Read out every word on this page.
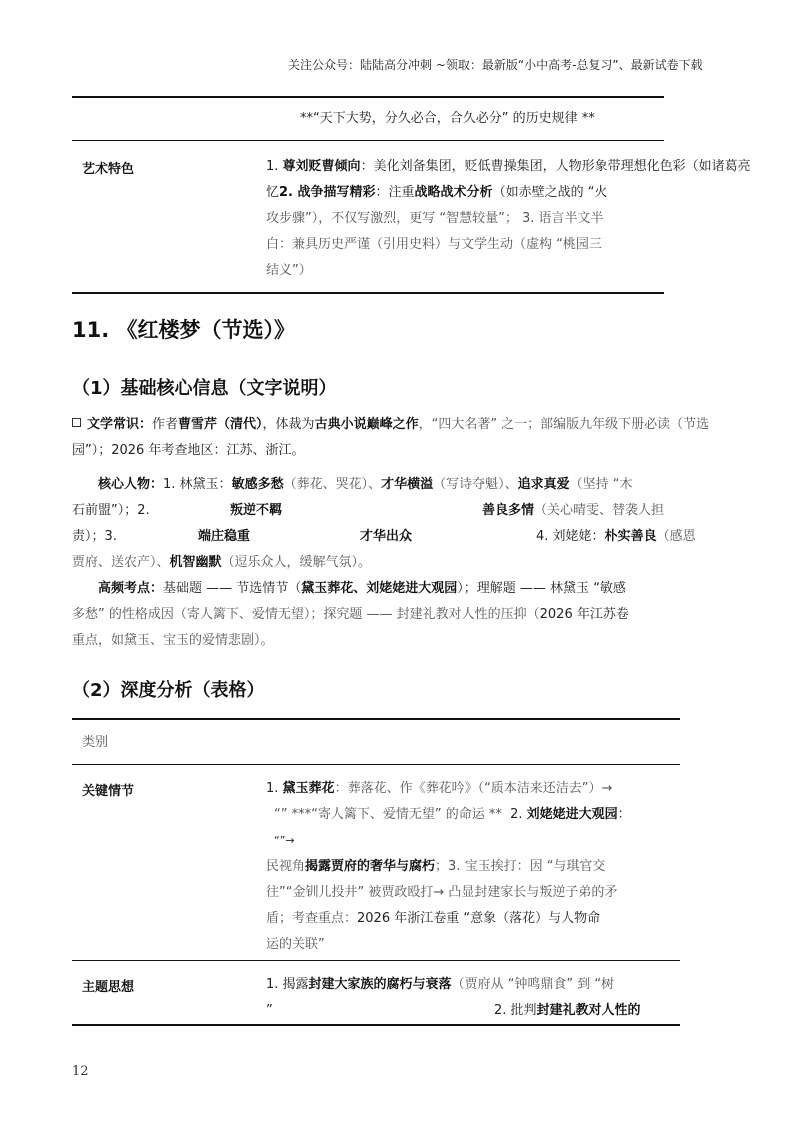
关注公众号：陆陆高分冲刺 ~领取：最新版“小中高考-总复习”、最新试卷下载
**“天下大势，分久必合，合久必分” 的历史规律 **
艺术特色	1. 尊刘贬曹倾向：美化刘备集团，贬低曹操集团，人物形象带理想化色彩（如诸葛亮
忆2. 战争描写精彩：注重战略战术分析（如赤壁之战的 “火
攻步骤”），不仅写激烈，更写 “智慧较量”； 3. 语言半文半
白：兼具历史严谨（引用史料）与文学生动（虚构 “桃园三
结义”）
11. 《红楼梦（节选）》
（1）基础核心信息（文字说明）
文学常识：作者曹雪芹（清代），体裁为古典小说巅峰之作，“四大名著” 之一；部编版九年级下册必读（节选
园”）；2026 年考查地区：江苏、浙江。
核心人物：1. 林黛玉：敏感多愁（葬花、哭花）、才华横溢（写诗夺魁）、追求真爱（坚持 “木
石前盟”）；2.	叛逆不羁	善良多情（关心晴雯、替袭人担
责）；3.	端庄稳重	才华出众	4. 刘姥姥：朴实善良（感恩
贾府、送农产）、机智幽默（逗乐众人，缓解气氛）。
高频考点：基础题 —— 节选情节（黛玉葬花、刘姥姥进大观园）；理解题 —— 林黛玉 “敏感
多愁” 的性格成因（寄人篱下、爱情无望）；探究题 —— 封建礼教对人性的压抑（2026 年江苏卷
重点，如黛玉、宝玉的爱情悲剧）。
（2）深度分析（表格）
类别
关键情节	1. 黛玉葬花：葬落花、作《葬花吟》（“质本洁来还洁去”）→
“” ***“寄人篱下、爱情无望” 的命运 ** 2. 刘姥姥进大观园：
“”→
民视角揭露贾府的奢华与腐朽；3. 宝玉挨打：因 “与琪官交
往”“金钏儿投井” 被贾政殴打→ 凸显封建家长与叛逆子弟的矛
盾；考查重点：2026 年浙江卷重 “意象（落花）与人物命
运的关联”
主题思想	1. 揭露封建大家族的腐朽与衰落（贾府从 “钟鸣鼎食” 到 “树
”	2. 批判封建礼教对人性的
12
